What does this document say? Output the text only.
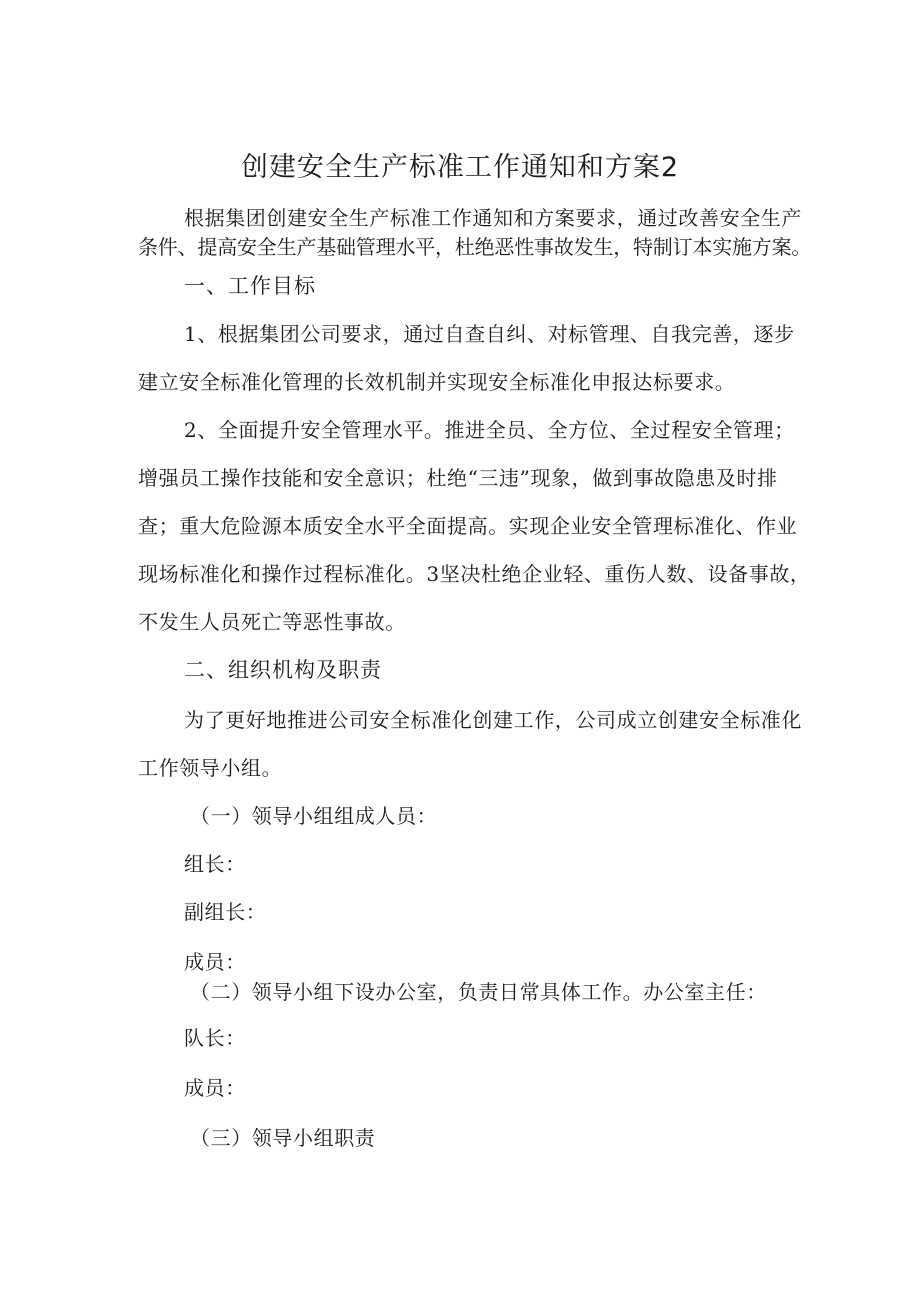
创建安全生产标准工作通知和方案2
根据集团创建安全生产标准工作通知和方案要求，通过改善安全生产
条件、提高安全生产基础管理水平，杜绝恶性事故发生，特制订本实施方案。
一、工作目标
1、根据集团公司要求，通过自查自纠、对标管理、自我完善，逐步
建立安全标准化管理的长效机制并实现安全标准化申报达标要求。
2、全面提升安全管理水平。推进全员、全方位、全过程安全管理；
增强员工操作技能和安全意识；杜绝“三违”现象，做到事故隐患及时排
查；重大危险源本质安全水平全面提高。实现企业安全管理标准化、作业
现场标准化和操作过程标准化。3坚决杜绝企业轻、重伤人数、设备事故，
不发生人员死亡等恶性事故。
二、组织机构及职责
为了更好地推进公司安全标准化创建工作，公司成立创建安全标准化
工作领导小组。
（一）领导小组组成人员：
组长：
副组长：
成员：
（二）领导小组下设办公室，负责日常具体工作。办公室主任：
队长：
成员：
（三）领导小组职责
